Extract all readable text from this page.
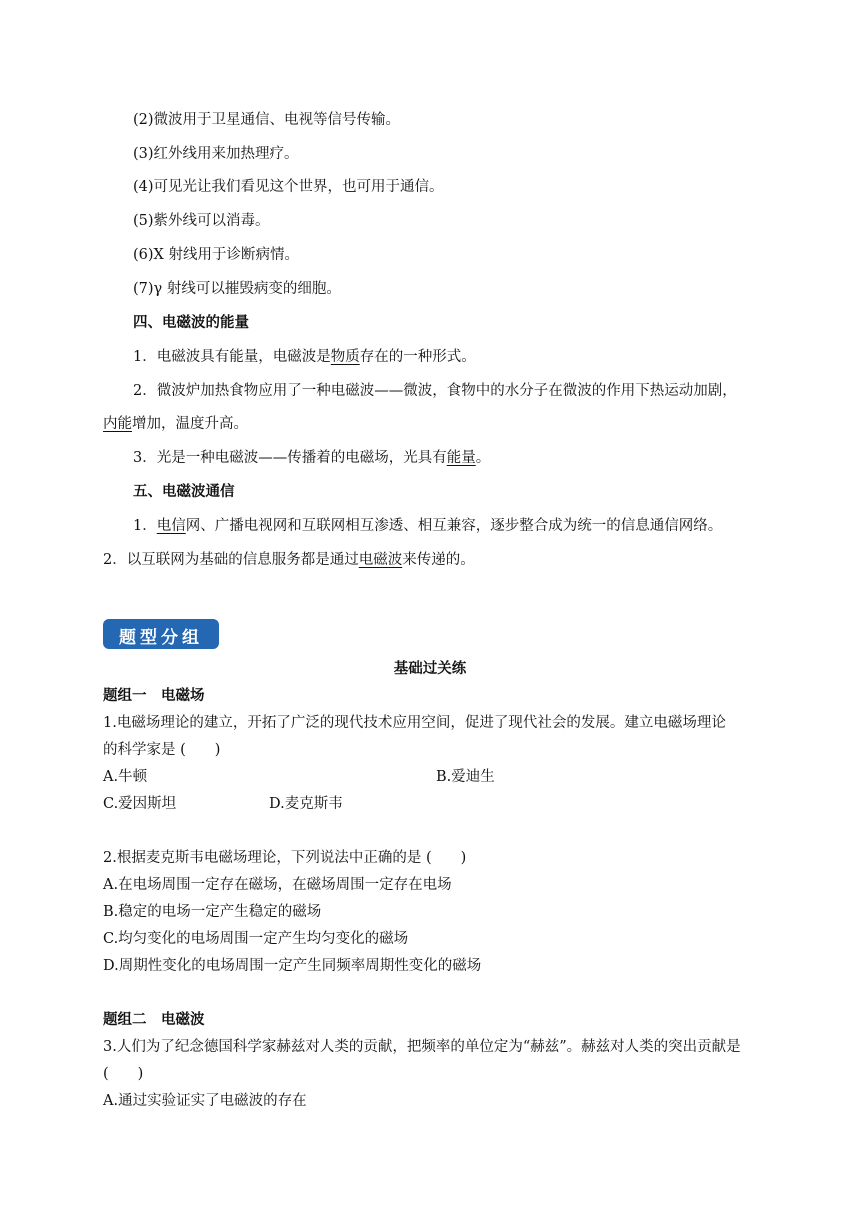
(2)微波用于卫星通信、电视等信号传输。
(3)红外线用来加热理疗。
(4)可见光让我们看见这个世界，也可用于通信。
(5)紫外线可以消毒。
(6)X 射线用于诊断病情。
(7)γ 射线可以摧毁病变的细胞。
四、电磁波的能量
1．电磁波具有能量，电磁波是物质存在的一种形式。
2．微波炉加热食物应用了一种电磁波——微波，食物中的水分子在微波的作用下热运动加剧，
内能增加，温度升高。
3．光是一种电磁波——传播着的电磁场，光具有能量。
五、电磁波通信
1．电信网、广播电视网和互联网相互渗透、相互兼容，逐步整合成为统一的信息通信网络。
2．以互联网为基础的信息服务都是通过电磁波来传递的。
题型分组
基础过关练
题组一　电磁场
1.电磁场理论的建立，开拓了广泛的现代技术应用空间，促进了现代社会的发展。建立电磁场理论
的科学家是 (　　)
A.牛顿	B.爱迪生
C.爱因斯坦	D.麦克斯韦
2.根据麦克斯韦电磁场理论，下列说法中正确的是 (　　)
A.在电场周围一定存在磁场，在磁场周围一定存在电场
B.稳定的电场一定产生稳定的磁场
C.均匀变化的电场周围一定产生均匀变化的磁场
D.周期性变化的电场周围一定产生同频率周期性变化的磁场
题组二　电磁波
3.人们为了纪念德国科学家赫兹对人类的贡献，把频率的单位定为“赫兹”。赫兹对人类的突出贡献是
(　　)
A.通过实验证实了电磁波的存在
